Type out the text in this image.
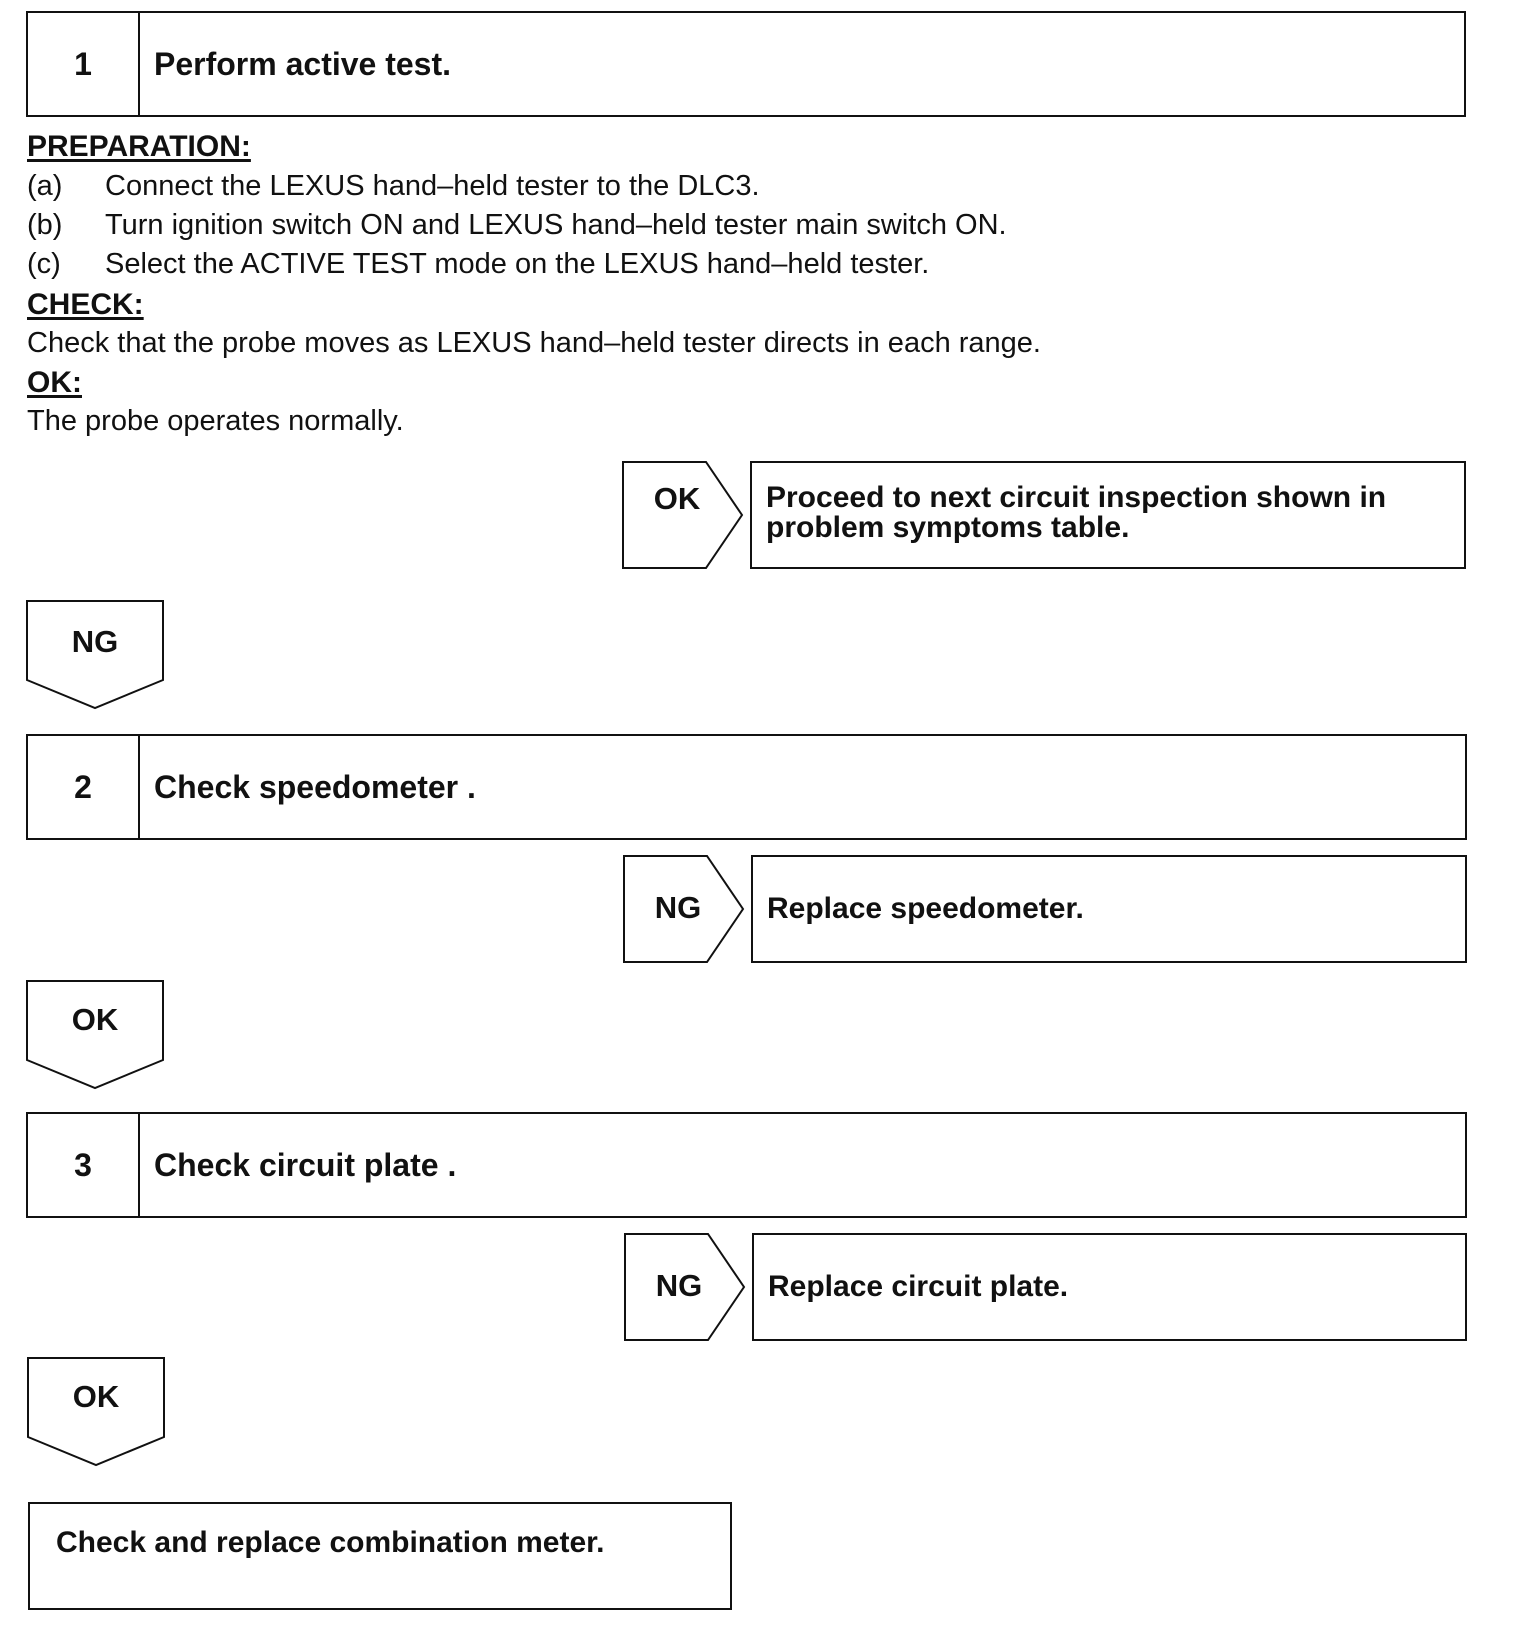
1	Perform active test.
PREPARATION:
(a) Connect the LEXUS hand–held tester to the DLC3.
(b) Turn ignition switch ON and LEXUS hand–held tester main switch ON.
(c) Select the ACTIVE TEST mode on the LEXUS hand–held tester.
CHECK:
Check that the probe moves as LEXUS hand–held tester directs in each range.
OK:
The probe operates normally.
OK	Proceed to next circuit inspection shown in
problem symptoms table.
NG
2	Check speedometer .
NG	Replace speedometer.
OK
3	Check circuit plate .
NG	Replace circuit plate.
OK
Check and replace combination meter.
